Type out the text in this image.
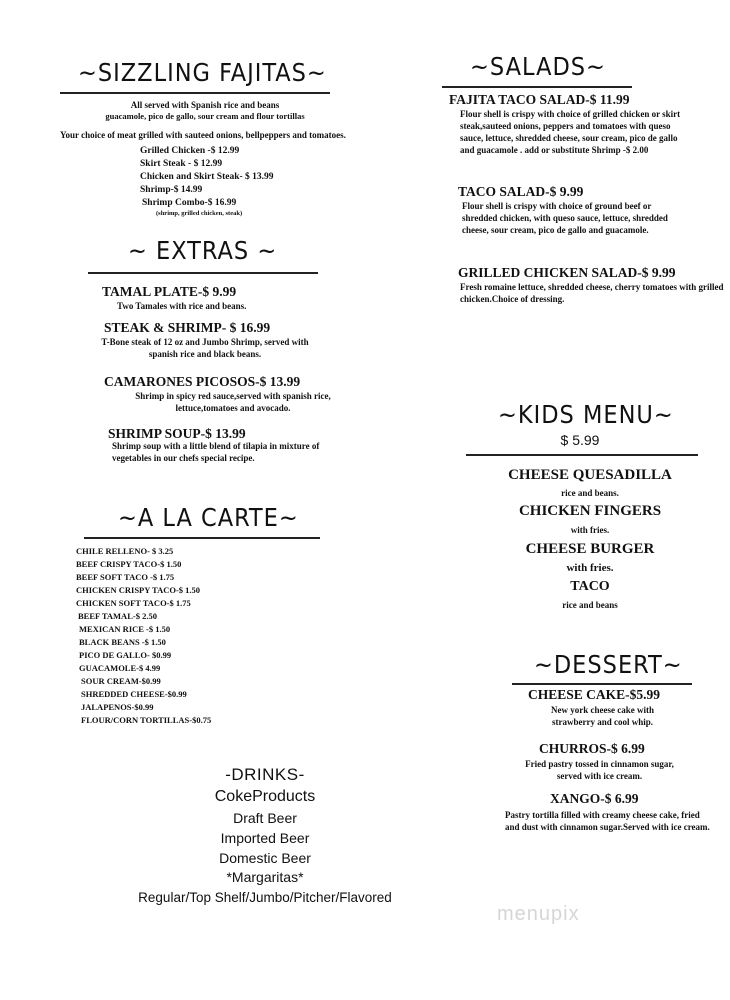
~SIZZLING FAJITAS~
All served with Spanish rice and beans
guacamole, pico de gallo, sour cream and flour tortillas
Your choice of meat grilled with sauteed onions, bellpeppers and tomatoes.
Grilled Chicken -$ 12.99
Skirt Steak - $ 12.99
Chicken and Skirt Steak- $ 13.99
Shrimp-$ 14.99
Shrimp Combo-$ 16.99
(shrimp, grilled chicken, steak)
~ EXTRAS ~
TAMAL PLATE-$ 9.99
Two Tamales with rice and beans.
STEAK & SHRIMP- $ 16.99
T-Bone steak of 12 oz and Jumbo Shrimp, served with spanish rice and black beans.
CAMARONES PICOSOS-$ 13.99
Shrimp in spicy red sauce,served with spanish rice, lettuce,tomatoes and avocado.
SHRIMP SOUP-$ 13.99
Shrimp soup with a little blend of tilapia in mixture of vegetables in our chefs special recipe.
~A LA CARTE~
CHILE RELLENO- $ 3.25
BEEF CRISPY TACO-$ 1.50
BEEF SOFT TACO -$ 1.75
CHICKEN CRISPY TACO-$ 1.50
CHICKEN SOFT TACO-$ 1.75
BEEF TAMAL-$ 2.50
MEXICAN RICE -$ 1.50
BLACK BEANS -$ 1.50
PICO DE GALLO- $0.99
GUACAMOLE-$ 4.99
SOUR CREAM-$0.99
SHREDDED CHEESE-$0.99
JALAPENOS-$0.99
FLOUR/CORN TORTILLAS-$0.75
-DRINKS-
CokeProducts
Draft Beer
Imported Beer
Domestic Beer
*Margaritas*
Regular/Top Shelf/Jumbo/Pitcher/Flavored
~SALADS~
FAJITA TACO SALAD-$ 11.99
Flour shell is crispy with choice of grilled chicken or skirt steak,sauteed onions, peppers and tomatoes with queso sauce, lettuce, shredded cheese, sour cream, pico de gallo and guacamole . add or substitute Shrimp -$ 2.00
TACO SALAD-$ 9.99
Flour shell is crispy with choice of ground beef or shredded chicken, with queso sauce, lettuce, shredded cheese, sour cream, pico de gallo and guacamole.
GRILLED CHICKEN SALAD-$ 9.99
Fresh romaine lettuce, shredded cheese, cherry tomatoes with grilled chicken.Choice of dressing.
~KIDS MENU~
$ 5.99
CHEESE QUESADILLA
rice and beans.
CHICKEN FINGERS
with fries.
CHEESE BURGER
with fries.
TACO
rice and beans
~DESSERT~
CHEESE CAKE-$5.99
New york cheese cake with strawberry and cool whip.
CHURROS-$ 6.99
Fried pastry tossed in cinnamon sugar, served with ice cream.
XANGO-$ 6.99
Pastry tortilla filled with creamy cheese cake, fried and dust with cinnamon sugar.Served with ice cream.
menupix
